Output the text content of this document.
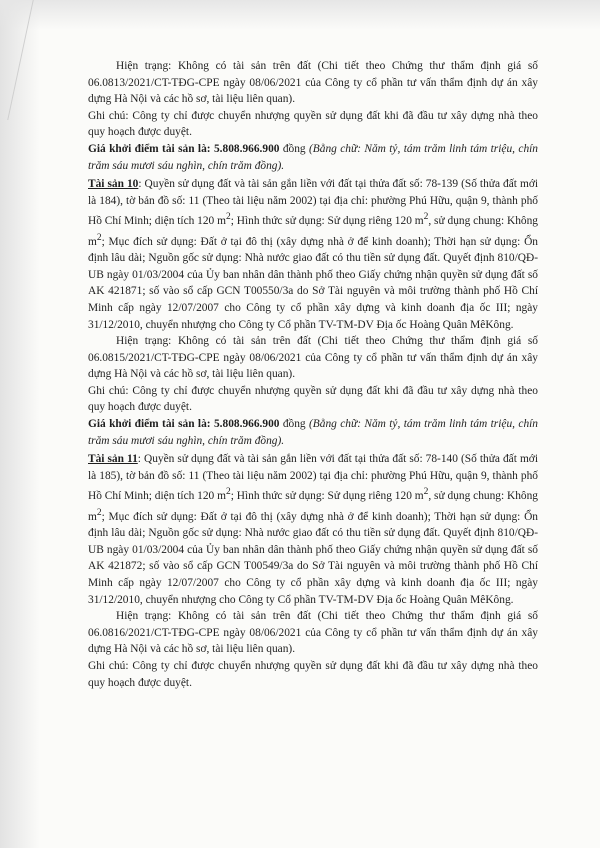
Hiện trạng: Không có tài sản trên đất (Chi tiết theo Chứng thư thẩm định giá số 06.0813/2021/CT-TĐG-CPE ngày 08/06/2021 của Công ty cổ phần tư vấn thẩm định dự án xây dựng Hà Nội và các hồ sơ, tài liệu liên quan).

Ghi chú: Công ty chỉ được chuyển nhượng quyền sử dụng đất khi đã đầu tư xây dựng nhà theo quy hoạch được duyệt.

Giá khởi điểm tài sản là: 5.808.966.900 đồng (Bằng chữ: Năm tỷ, tám trăm linh tám triệu, chín trăm sáu mươi sáu nghìn, chín trăm đồng).

Tài sản 10: Quyền sử dụng đất và tài sản gắn liền với đất tại thửa đất số: 78-139 (Số thửa đất mới là 184), tờ bản đồ số: 11 (Theo tài liệu năm 2002) tại địa chỉ: phường Phú Hữu, quận 9, thành phố Hồ Chí Minh; diện tích 120 $m^2$; Hình thức sử dụng: Sử dụng riêng 120 $m^2$, sử dụng chung: Không $m^2$; Mục đích sử dụng: Đất ở tại đô thị (xây dựng nhà ở để kinh doanh); Thời hạn sử dụng: Ổn định lâu dài; Nguồn gốc sử dụng: Nhà nước giao đất có thu tiền sử dụng đất. Quyết định 810/QĐ-UB ngày 01/03/2004 của Ủy ban nhân dân thành phố theo Giấy chứng nhận quyền sử dụng đất số AK 421871; số vào sổ cấp GCN T00550/3a do Sở Tài nguyên và môi trường thành phố Hồ Chí Minh cấp ngày 12/07/2007 cho Công ty cổ phần xây dựng và kinh doanh địa ốc III; ngày 31/12/2010, chuyển nhượng cho Công ty Cổ phần TV-TM-DV Địa ốc Hoàng Quân MêKông.

Hiện trạng: Không có tài sản trên đất (Chi tiết theo Chứng thư thẩm định giá số 06.0815/2021/CT-TĐG-CPE ngày 08/06/2021 của Công ty cổ phần tư vấn thẩm định dự án xây dựng Hà Nội và các hồ sơ, tài liệu liên quan).

Ghi chú: Công ty chỉ được chuyển nhượng quyền sử dụng đất khi đã đầu tư xây dựng nhà theo quy hoạch được duyệt.

Giá khởi điểm tài sản là: 5.808.966.900 đồng (Bằng chữ: Năm tỷ, tám trăm linh tám triệu, chín trăm sáu mươi sáu nghìn, chín trăm đồng).

Tài sản 11: Quyền sử dụng đất và tài sản gắn liền với đất tại thửa đất số: 78-140 (Số thửa đất mới là 185), tờ bản đồ số: 11 (Theo tài liệu năm 2002) tại địa chỉ: phường Phú Hữu, quận 9, thành phố Hồ Chí Minh; diện tích 120 $m^2$; Hình thức sử dụng: Sử dụng riêng 120 $m^2$, sử dụng chung: Không $m^2$; Mục đích sử dụng: Đất ở tại đô thị (xây dựng nhà ở để kinh doanh); Thời hạn sử dụng: Ổn định lâu dài; Nguồn gốc sử dụng: Nhà nước giao đất có thu tiền sử dụng đất. Quyết định 810/QĐ-UB ngày 01/03/2004 của Ủy ban nhân dân thành phố theo Giấy chứng nhận quyền sử dụng đất số AK 421872; số vào sổ cấp GCN T00549/3a do Sở Tài nguyên và môi trường thành phố Hồ Chí Minh cấp ngày 12/07/2007 cho Công ty cổ phần xây dựng và kinh doanh địa ốc III; ngày 31/12/2010, chuyển nhượng cho Công ty Cổ phần TV-TM-DV Địa ốc Hoàng Quân MêKông.

Hiện trạng: Không có tài sản trên đất (Chi tiết theo Chứng thư thẩm định giá số 06.0816/2021/CT-TĐG-CPE ngày 08/06/2021 của Công ty cổ phần tư vấn thẩm định dự án xây dựng Hà Nội và các hồ sơ, tài liệu liên quan).

Ghi chú: Công ty chỉ được chuyển nhượng quyền sử dụng đất khi đã đầu tư xây dựng nhà theo quy hoạch được duyệt.
